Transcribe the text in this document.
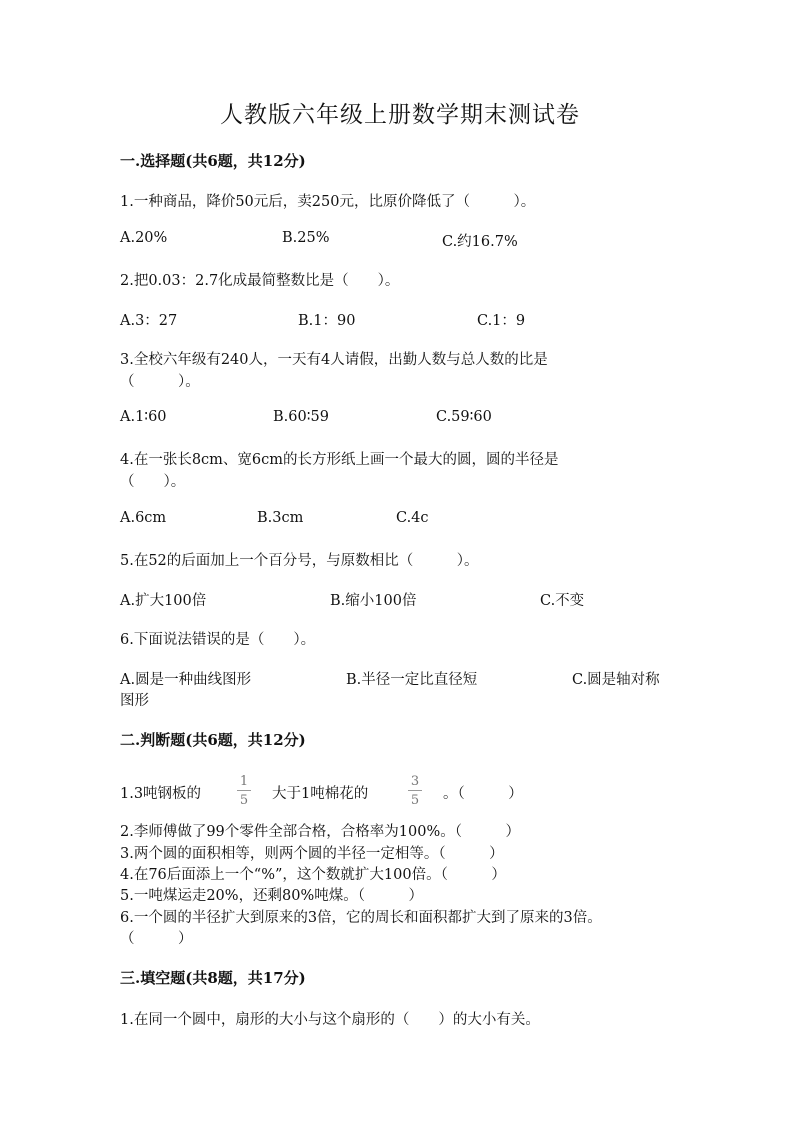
人教版六年级上册数学期末测试卷
一.选择题(共6题，共12分)
1.一种商品，降价50元后，卖250元，比原价降低了（　　　）。
A.20%	B.25%	C.约16.7%
2.把0.03：2.7化成最简整数比是（　　）。
A.3：27	B.1：90	C.1：9
3.全校六年级有240人，一天有4人请假，出勤人数与总人数的比是
（　　　）。
A.1∶60	B.60∶59	C.59∶60
4.在一张长8cm、宽6cm的长方形纸上画一个最大的圆，圆的半径是
（　　）。
A.6cm	B.3cm	C.4c
5.在52的后面加上一个百分号，与原数相比（　　　）。
A.扩大100倍	B.缩小100倍	C.不变
6.下面说法错误的是（　　）。
A.圆是一种曲线图形	B.半径一定比直径短	C.圆是轴对称
图形
二.判断题(共6题，共12分)
1.3吨钢板的	$\frac{1}{5}$ 大于1吨棉花的	$\frac{3}{5}$ 。（　　　）
2.李师傅做了99个零件全部合格，合格率为100%。（　　　）
3.两个圆的面积相等，则两个圆的半径一定相等。（　　　）
4.在76后面添上一个“%”，这个数就扩大100倍。（　　　）
5.一吨煤运走20%，还剩80%吨煤。（　　　）
6.一个圆的半径扩大到原来的3倍，它的周长和面积都扩大到了原来的3倍。
（　　　）
三.填空题(共8题，共17分)
1.在同一个圆中，扇形的大小与这个扇形的（　　）的大小有关。
